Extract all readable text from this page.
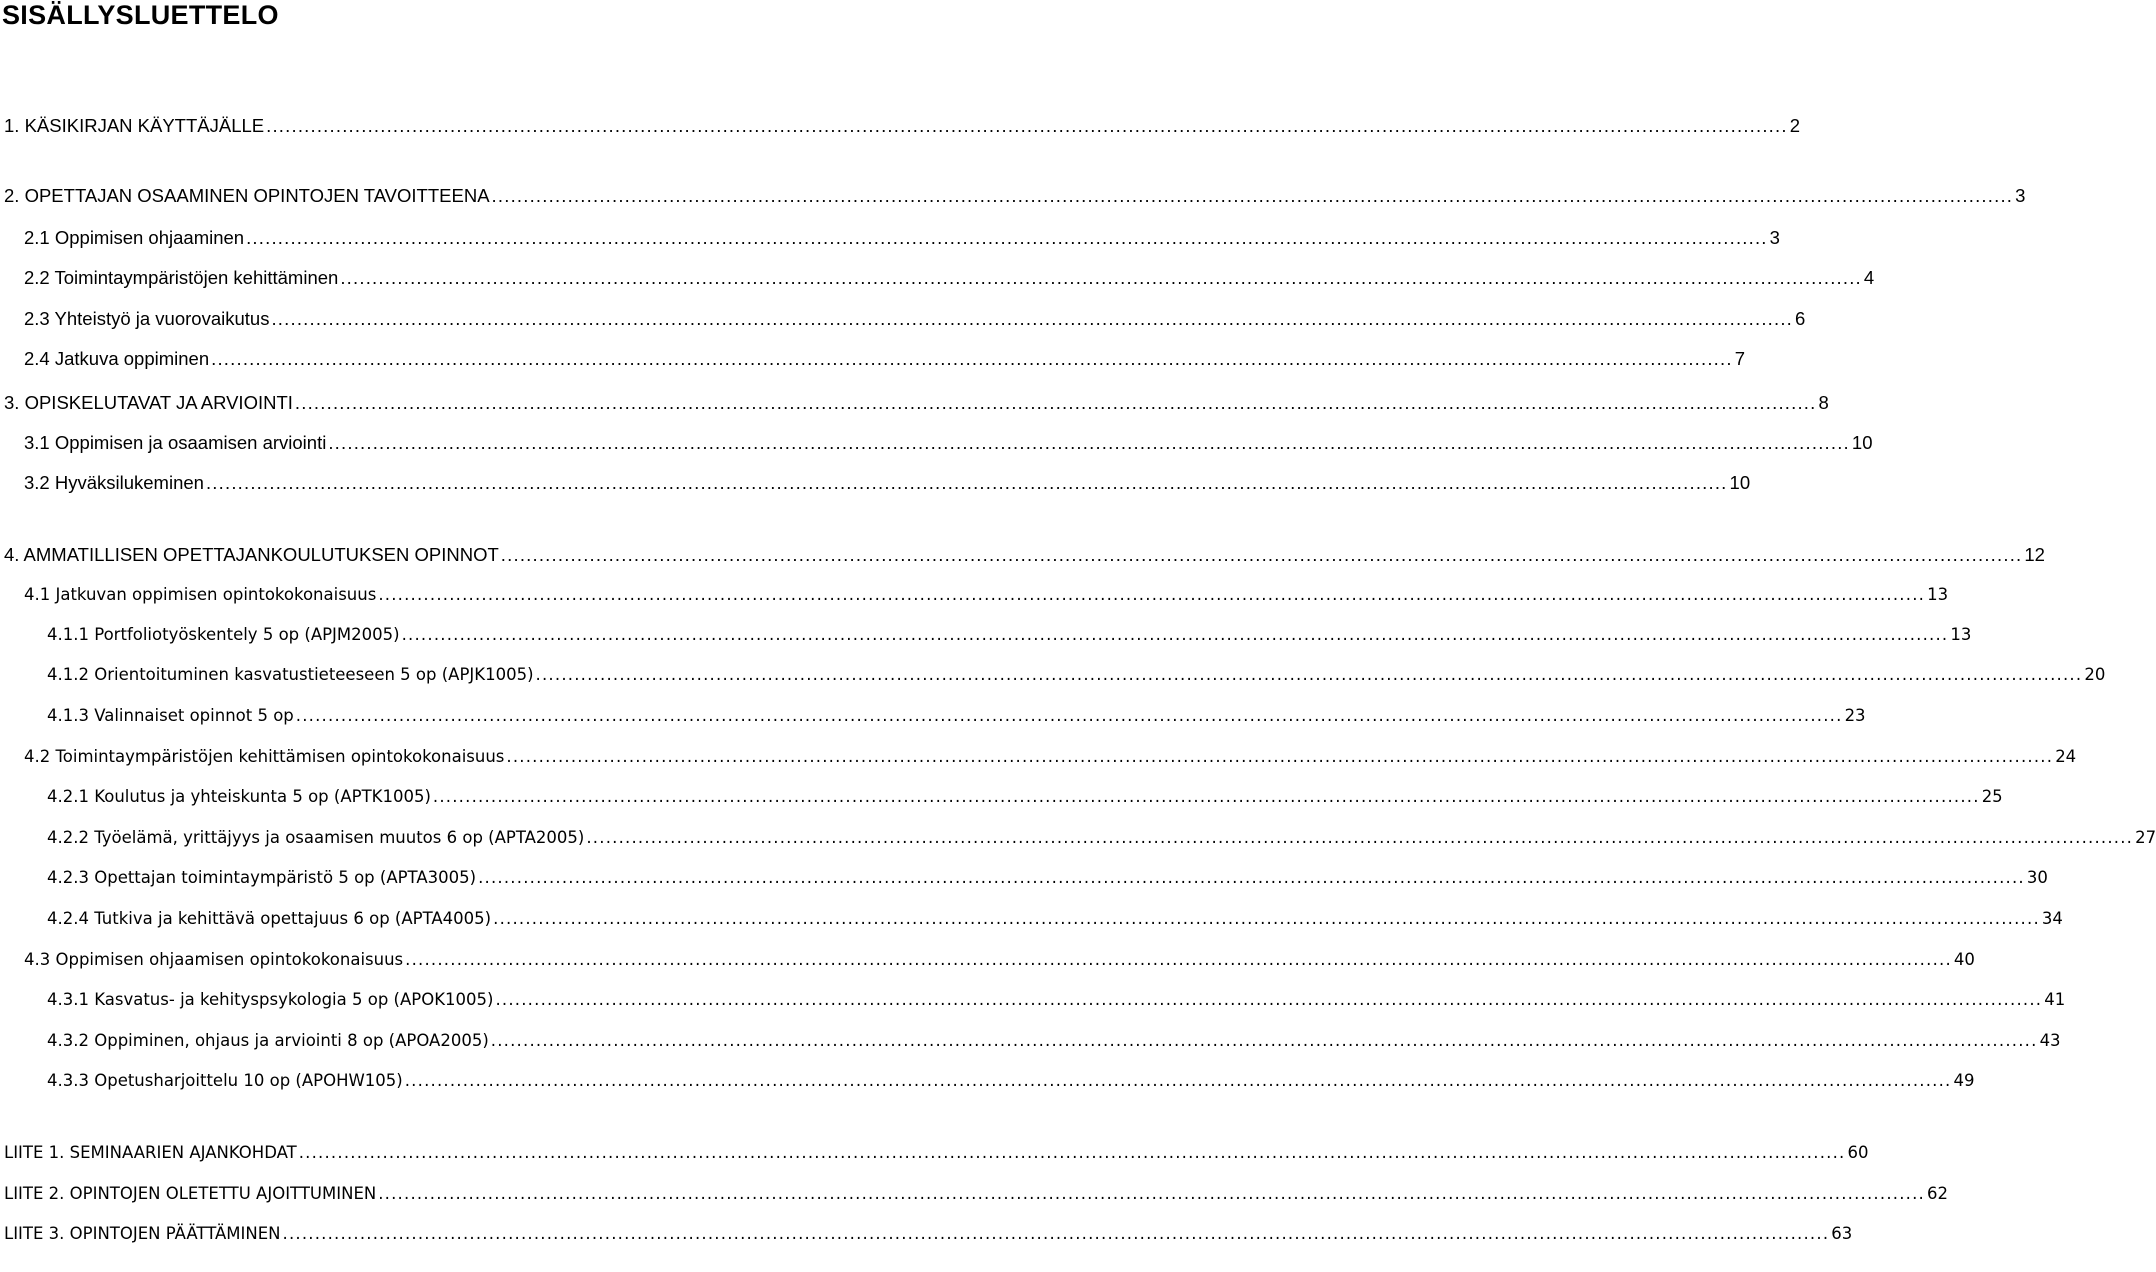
SISÄLLYSLUETTELO
1. KÄSIKIRJAN KÄYTTÄJÄLLE ................................................................................................................................................................................................................................................ 2
2. OPETTAJAN OSAAMINEN OPINTOJEN TAVOITTEENA ................................................................................................................................................................................................................................................ 3
2.1 Oppimisen ohjaaminen ................................................................................................................................................................................................................................................ 3
2.2 Toimintaympäristöjen kehittäminen ................................................................................................................................................................................................................................................ 4
2.3 Yhteistyö ja vuorovaikutus ................................................................................................................................................................................................................................................ 6
2.4 Jatkuva oppiminen ................................................................................................................................................................................................................................................ 7
3. OPISKELUTAVAT JA ARVIOINTI ................................................................................................................................................................................................................................................ 8
3.1 Oppimisen ja osaamisen arviointi ................................................................................................................................................................................................................................................ 10
3.2 Hyväksilukeminen ................................................................................................................................................................................................................................................ 10
4. AMMATILLISEN OPETTAJANKOULUTUKSEN OPINNOT ................................................................................................................................................................................................................................................ 12
4.1 Jatkuvan oppimisen opintokokonaisuus ................................................................................................................................................................................................................................................ 13
4.1.1 Portfoliotyöskentely 5 op (APJM2005) ................................................................................................................................................................................................................................................ 13
4.1.2 Orientoituminen kasvatustieteeseen 5 op (APJK1005) ................................................................................................................................................................................................................................................ 20
4.1.3 Valinnaiset opinnot 5 op ................................................................................................................................................................................................................................................ 23
4.2 Toimintaympäristöjen kehittämisen opintokokonaisuus ................................................................................................................................................................................................................................................ 24
4.2.1 Koulutus ja yhteiskunta 5 op (APTK1005) ................................................................................................................................................................................................................................................ 25
4.2.2 Työelämä, yrittäjyys ja osaamisen muutos 6 op (APTA2005) ................................................................................................................................................................................................................................................ 27
4.2.3 Opettajan toimintaympäristö 5 op (APTA3005) ................................................................................................................................................................................................................................................ 30
4.2.4 Tutkiva ja kehittävä opettajuus 6 op (APTA4005) ................................................................................................................................................................................................................................................ 34
4.3 Oppimisen ohjaamisen opintokokonaisuus ................................................................................................................................................................................................................................................ 40
4.3.1 Kasvatus- ja kehityspsykologia 5 op (APOK1005) ................................................................................................................................................................................................................................................ 41
4.3.2 Oppiminen, ohjaus ja arviointi 8 op (APOA2005) ................................................................................................................................................................................................................................................ 43
4.3.3 Opetusharjoittelu 10 op (APOHW105) ................................................................................................................................................................................................................................................ 49
LIITE 1. SEMINAARIEN AJANKOHDAT ................................................................................................................................................................................................................................................ 60
LIITE 2. OPINTOJEN OLETETTU AJOITTUMINEN ................................................................................................................................................................................................................................................ 62
LIITE 3. OPINTOJEN PÄÄTTÄMINEN ................................................................................................................................................................................................................................................ 63
